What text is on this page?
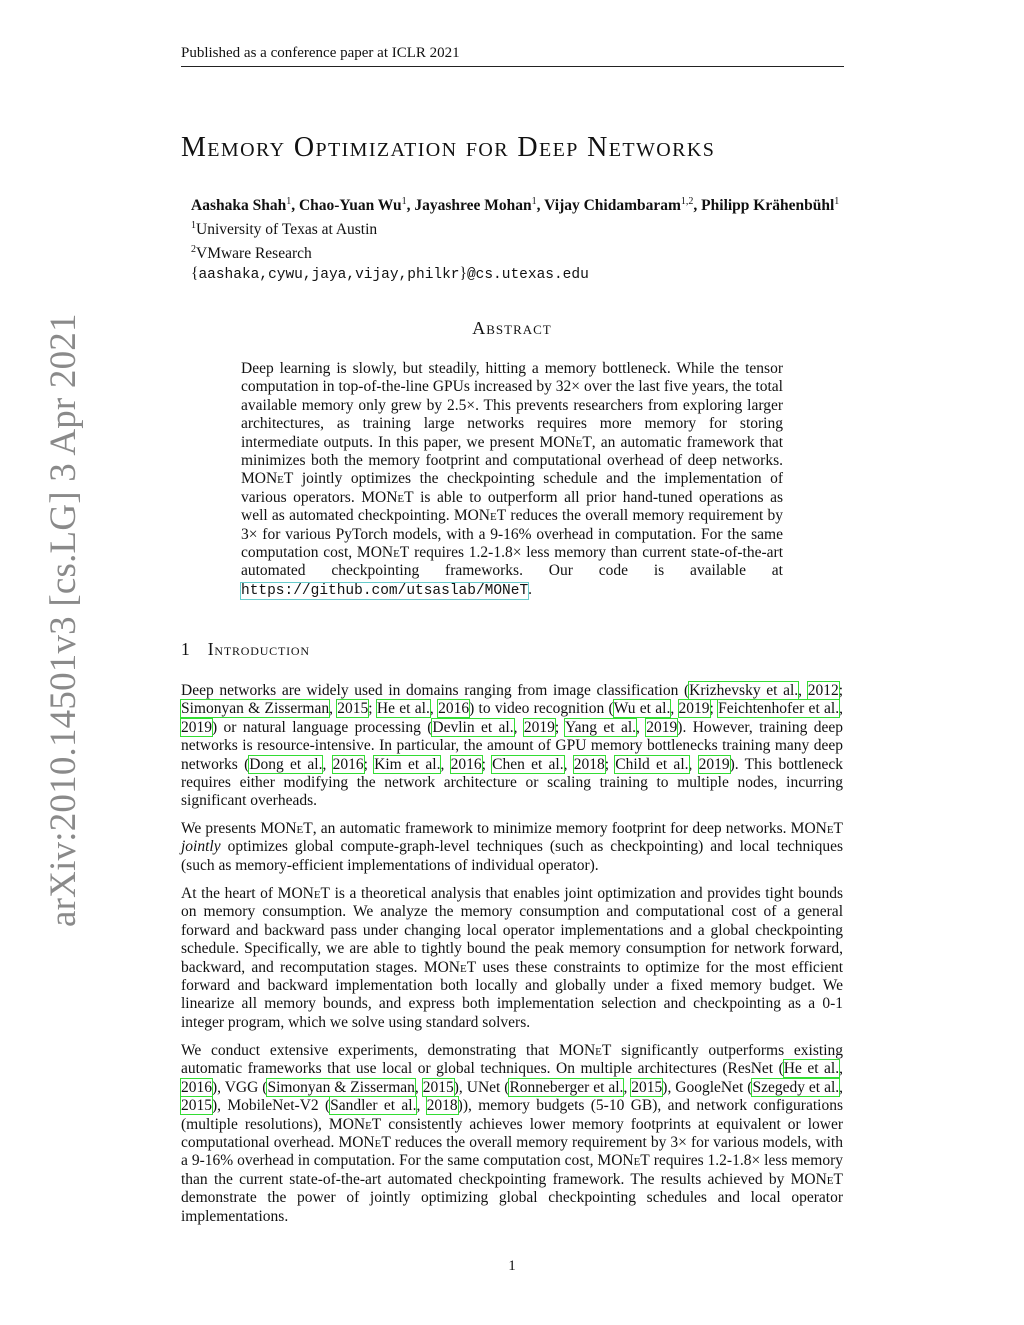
Published as a conference paper at ICLR 2021
arXiv:2010.14501v3 [cs.LG] 3 Apr 2021
Memory Optimization for Deep Networks
Aashaka Shah$^1$, Chao-Yuan Wu$^1$, Jayashree Mohan$^1$, Vijay Chidambaram$^{1,2}$, Philipp Krähenbühl$^1$
$^1$University of Texas at Austin
$^2$VMware Research
{aashaka,cywu,jaya,vijay,philkr}@cs.utexas.edu
Abstract

Deep learning is slowly, but steadily, hitting a memory bottleneck. While the tensor computation in top-of-the-line GPUs increased by 32× over the last five years, the total available memory only grew by 2.5×. This prevents researchers from exploring larger architectures, as training large networks requires more memory for storing intermediate outputs. In this paper, we present MONeT, an automatic framework that minimizes both the memory footprint and computational overhead of deep networks. MONeT jointly optimizes the checkpointing schedule and the implementation of various operators. MONeT is able to outperform all prior hand-tuned operations as well as automated checkpointing. MONeT reduces the overall memory requirement by 3× for various PyTorch models, with a 9-16% overhead in computation. For the same computation cost, MONeT requires 1.2-1.8× less memory than current state-of-the-art automated checkpointing frameworks. Our code is available at https://github.com/utsaslab/MONeT.

1 Introduction

Deep networks are widely used in domains ranging from image classification (Krizhevsky et al., 2012; Simonyan & Zisserman, 2015; He et al., 2016) to video recognition (Wu et al., 2019; Feichtenhofer et al., 2019) or natural language processing (Devlin et al., 2019; Yang et al., 2019). However, training deep networks is resource-intensive. In particular, the amount of GPU memory bottlenecks training many deep networks (Dong et al., 2016; Kim et al., 2016; Chen et al., 2018; Child et al., 2019). This bottleneck requires either modifying the network architecture or scaling training to multiple nodes, incurring significant overheads.

We presents MONeT, an automatic framework to minimize memory footprint for deep networks. MONeT jointly optimizes global compute-graph-level techniques (such as checkpointing) and local techniques (such as memory-efficient implementations of individual operator).

At the heart of MONeT is a theoretical analysis that enables joint optimization and provides tight bounds on memory consumption. We analyze the memory consumption and computational cost of a general forward and backward pass under changing local operator implementations and a global checkpointing schedule. Specifically, we are able to tightly bound the peak memory consumption for network forward, backward, and recomputation stages. MONeT uses these constraints to optimize for the most efficient forward and backward implementation both locally and globally under a fixed memory budget. We linearize all memory bounds, and express both implementation selection and checkpointing as a 0-1 integer program, which we solve using standard solvers.

We conduct extensive experiments, demonstrating that MONeT significantly outperforms existing automatic frameworks that use local or global techniques. On multiple architectures (ResNet (He et al., 2016), VGG (Simonyan & Zisserman, 2015), UNet (Ronneberger et al., 2015), GoogleNet (Szegedy et al., 2015), MobileNet-V2 (Sandler et al., 2018)), memory budgets (5-10 GB), and network configurations (multiple resolutions), MONeT consistently achieves lower memory footprints at equivalent or lower computational overhead. MONeT reduces the overall memory requirement by 3× for various models, with a 9-16% overhead in computation. For the same computation cost, MONeT requires 1.2-1.8× less memory than the current state-of-the-art automated checkpointing framework. The results achieved by MONeT demonstrate the power of jointly optimizing global checkpointing schedules and local operator implementations.

1
